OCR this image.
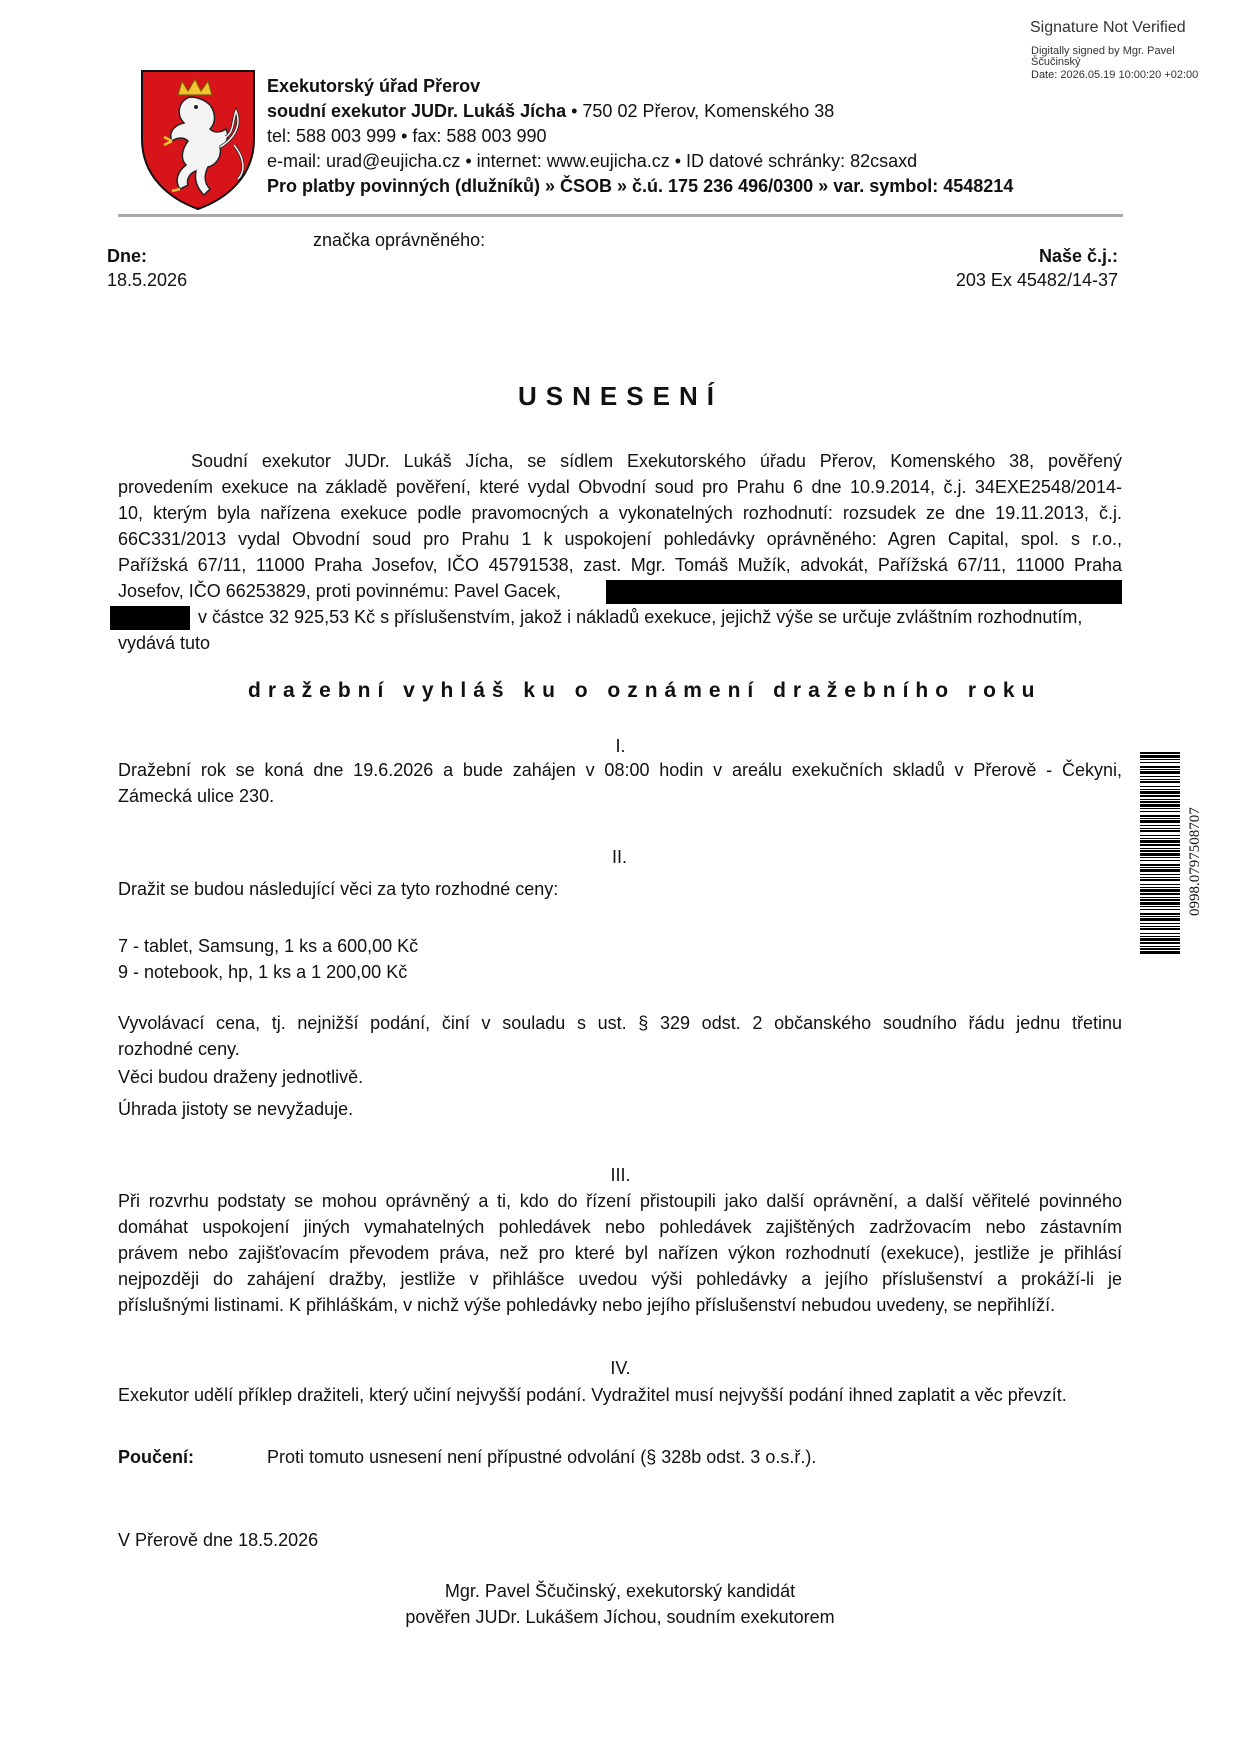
Signature Not Verified
Digitally signed by Mgr. Pavel
Ščučinský
Date: 2026.05.19 10:00:20 +02:00
Exekutorský úřad Přerov
soudní exekutor JUDr. Lukáš Jícha • 750 02 Přerov, Komenského 38
tel: 588 003 999 • fax: 588 003 990
e-mail: urad@eujicha.cz • internet: www.eujicha.cz • ID datové schránky: 82csaxd
Pro platby povinných (dlužníků) » ČSOB » č.ú. 175 236 496/0300 » var. symbol: 4548214
značka oprávněného:
Dne:
18.5.2026
Naše č.j.:
203 Ex 45482/14-37
USNESENÍ
Soudní exekutor JUDr. Lukáš Jícha, se sídlem Exekutorského úřadu Přerov, Komenského 38, pověřený
provedením exekuce na základě pověření, které vydal Obvodní soud pro Prahu 6 dne 10.9.2014, č.j. 34EXE2548/2014-
10, kterým byla nařízena exekuce podle pravomocných a vykonatelných rozhodnutí: rozsudek ze dne 19.11.2013, č.j.
66C331/2013 vydal Obvodní soud pro Prahu 1 k uspokojení pohledávky oprávněného: Agren Capital, spol. s r.o.,
Pařížská 67/11, 11000 Praha Josefov, IČO 45791538, zast. Mgr. Tomáš Mužík, advokát, Pařížská 67/11, 11000 Praha
Josefov, IČO 66253829, proti povinnému: Pavel Gacek,
v částce 32 925,53 Kč s příslušenstvím, jakož i nákladů exekuce, jejichž výše se určuje zvláštním rozhodnutím,
vydává tuto
dražební vyhláš ku o oznámení dražebního roku
I.
Dražební rok se koná dne 19.6.2026 a bude zahájen v 08:00 hodin v areálu exekučních skladů v Přerově - Čekyni,
Zámecká ulice 230.
II.
Dražit se budou následující věci za tyto rozhodné ceny:
7 - tablet, Samsung, 1 ks a 600,00 Kč
9 - notebook, hp, 1 ks a 1 200,00 Kč
Vyvolávací cena, tj. nejnižší podání, činí v souladu s ust. § 329 odst. 2 občanského soudního řádu jednu třetinu
rozhodné ceny.
Věci budou draženy jednotlivě.
Úhrada jistoty se nevyžaduje.
III.
Při rozvrhu podstaty se mohou oprávněný a ti, kdo do řízení přistoupili jako další oprávnění, a další věřitelé povinného
domáhat uspokojení jiných vymahatelných pohledávek nebo pohledávek zajištěných zadržovacím nebo zástavním
právem nebo zajišťovacím převodem práva, než pro které byl nařízen výkon rozhodnutí (exekuce), jestliže je přihlásí
nejpozději do zahájení dražby, jestliže v přihlášce uvedou výši pohledávky a jejího příslušenství a prokáží-li je
příslušnými listinami. K přihláškám, v nichž výše pohledávky nebo jejího příslušenství nebudou uvedeny, se nepřihlíží.
IV.
Exekutor udělí příklep dražiteli, který učiní nejvyšší podání. Vydražitel musí nejvyšší podání ihned zaplatit a věc převzít.
Poučení:	Proti tomuto usnesení není přípustné odvolání (§ 328b odst. 3 o.s.ř.).
V Přerově dne 18.5.2026
Mgr. Pavel Ščučinský, exekutorský kandidát
pověřen JUDr. Lukášem Jíchou, soudním exekutorem
0998.0797508707
